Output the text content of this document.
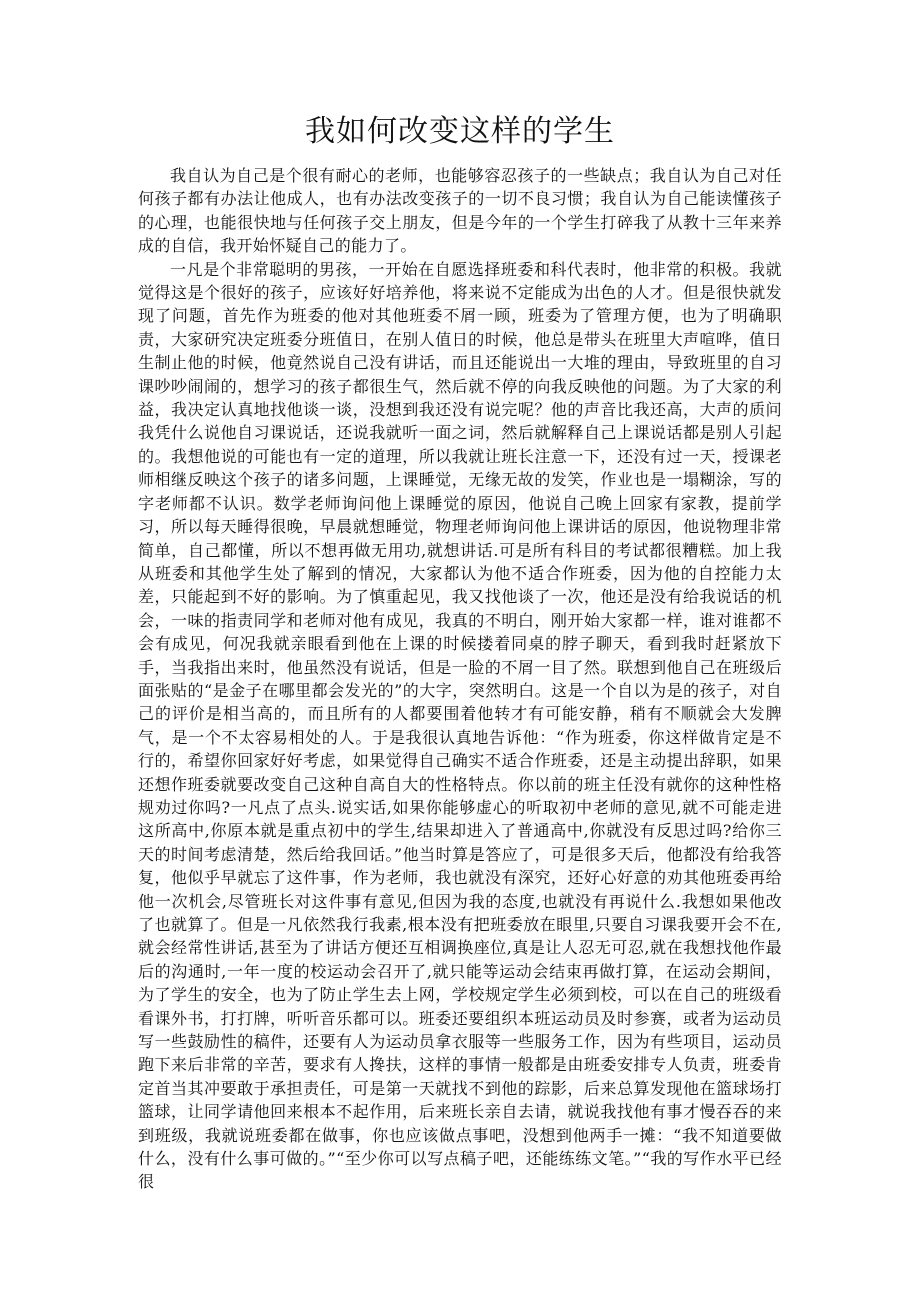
我如何改变这样的学生

我自认为自己是个很有耐心的老师，也能够容忍孩子的一些缺点；我自认为自己对任何孩子都有办法让他成人，也有办法改变孩子的一切不良习惯；我自认为自己能读懂孩子的心理，也能很快地与任何孩子交上朋友，但是今年的一个学生打碎我了从教十三年来养成的自信，我开始怀疑自己的能力了。

一凡是个非常聪明的男孩，一开始在自愿选择班委和科代表时，他非常的积极。我就觉得这是个很好的孩子，应该好好培养他，将来说不定能成为出色的人才。但是很快就发现了问题，首先作为班委的他对其他班委不屑一顾，班委为了管理方便，也为了明确职责，大家研究决定班委分班值日，在别人值日的时候，他总是带头在班里大声喧哗，值日生制止他的时候，他竟然说自己没有讲话，而且还能说出一大堆的理由，导致班里的自习课吵吵闹闹的，想学习的孩子都很生气，然后就不停的向我反映他的问题。为了大家的利益，我决定认真地找他谈一谈，没想到我还没有说完呢？他的声音比我还高，大声的质问我凭什么说他自习课说话，还说我就听一面之词，然后就解释自己上课说话都是别人引起的。我想他说的可能也有一定的道理，所以我就让班长注意一下，还没有过一天，授课老师相继反映这个孩子的诸多问题，上课睡觉，无缘无故的发笑，作业也是一塌糊涂，写的字老师都不认识。数学老师询问他上课睡觉的原因，他说自己晚上回家有家教，提前学习，所以每天睡得很晚，早晨就想睡觉，物理老师询问他上课讲话的原因，他说物理非常简单，自己都懂，所以不想再做无用功,就想讲话.可是所有科目的考试都很糟糕。加上我从班委和其他学生处了解到的情况，大家都认为他不适合作班委，因为他的自控能力太差，只能起到不好的影响。为了慎重起见，我又找他谈了一次，他还是没有给我说话的机会，一味的指责同学和老师对他有成见，我真的不明白，刚开始大家都一样，谁对谁都不会有成见，何况我就亲眼看到他在上课的时候搂着同桌的脖子聊天，看到我时赶紧放下手，当我指出来时，他虽然没有说话，但是一脸的不屑一目了然。联想到他自己在班级后面张贴的“是金子在哪里都会发光的”的大字，突然明白。这是一个自以为是的孩子，对自己的评价是相当高的，而且所有的人都要围着他转才有可能安静，稍有不顺就会大发脾气，是一个不太容易相处的人。于是我很认真地告诉他：“作为班委，你这样做肯定是不行的，希望你回家好好考虑，如果觉得自己确实不适合作班委，还是主动提出辞职，如果还想作班委就要改变自己这种自高自大的性格特点。你以前的班主任没有就你的这种性格规劝过你吗?一凡点了点头.说实话,如果你能够虚心的听取初中老师的意见,就不可能走进这所高中,你原本就是重点初中的学生,结果却进入了普通高中,你就没有反思过吗?给你三天的时间考虑清楚，然后给我回话。”他当时算是答应了，可是很多天后，他都没有给我答复，他似乎早就忘了这件事，作为老师，我也就没有深究，还好心好意的劝其他班委再给他一次机会,尽管班长对这件事有意见,但因为我的态度,也就没有再说什么.我想如果他改了也就算了。但是一凡依然我行我素,根本没有把班委放在眼里,只要自习课我要开会不在,就会经常性讲话,甚至为了讲话方便还互相调换座位,真是让人忍无可忍,就在我想找他作最后的沟通时,一年一度的校运动会召开了,就只能等运动会结束再做打算，在运动会期间，为了学生的安全，也为了防止学生去上网，学校规定学生必须到校，可以在自己的班级看看课外书，打打牌，听听音乐都可以。班委还要组织本班运动员及时参赛，或者为运动员写一些鼓励性的稿件，还要有人为运动员拿衣服等一些服务工作，因为有些项目，运动员跑下来后非常的辛苦，要求有人搀扶，这样的事情一般都是由班委安排专人负责，班委肯定首当其冲要敢于承担责任，可是第一天就找不到他的踪影，后来总算发现他在篮球场打篮球，让同学请他回来根本不起作用，后来班长亲自去请，就说我找他有事才慢吞吞的来到班级，我就说班委都在做事，你也应该做点事吧，没想到他两手一摊：“我不知道要做什么，没有什么事可做的。”“至少你可以写点稿子吧，还能练练文笔。”“我的写作水平已经很
